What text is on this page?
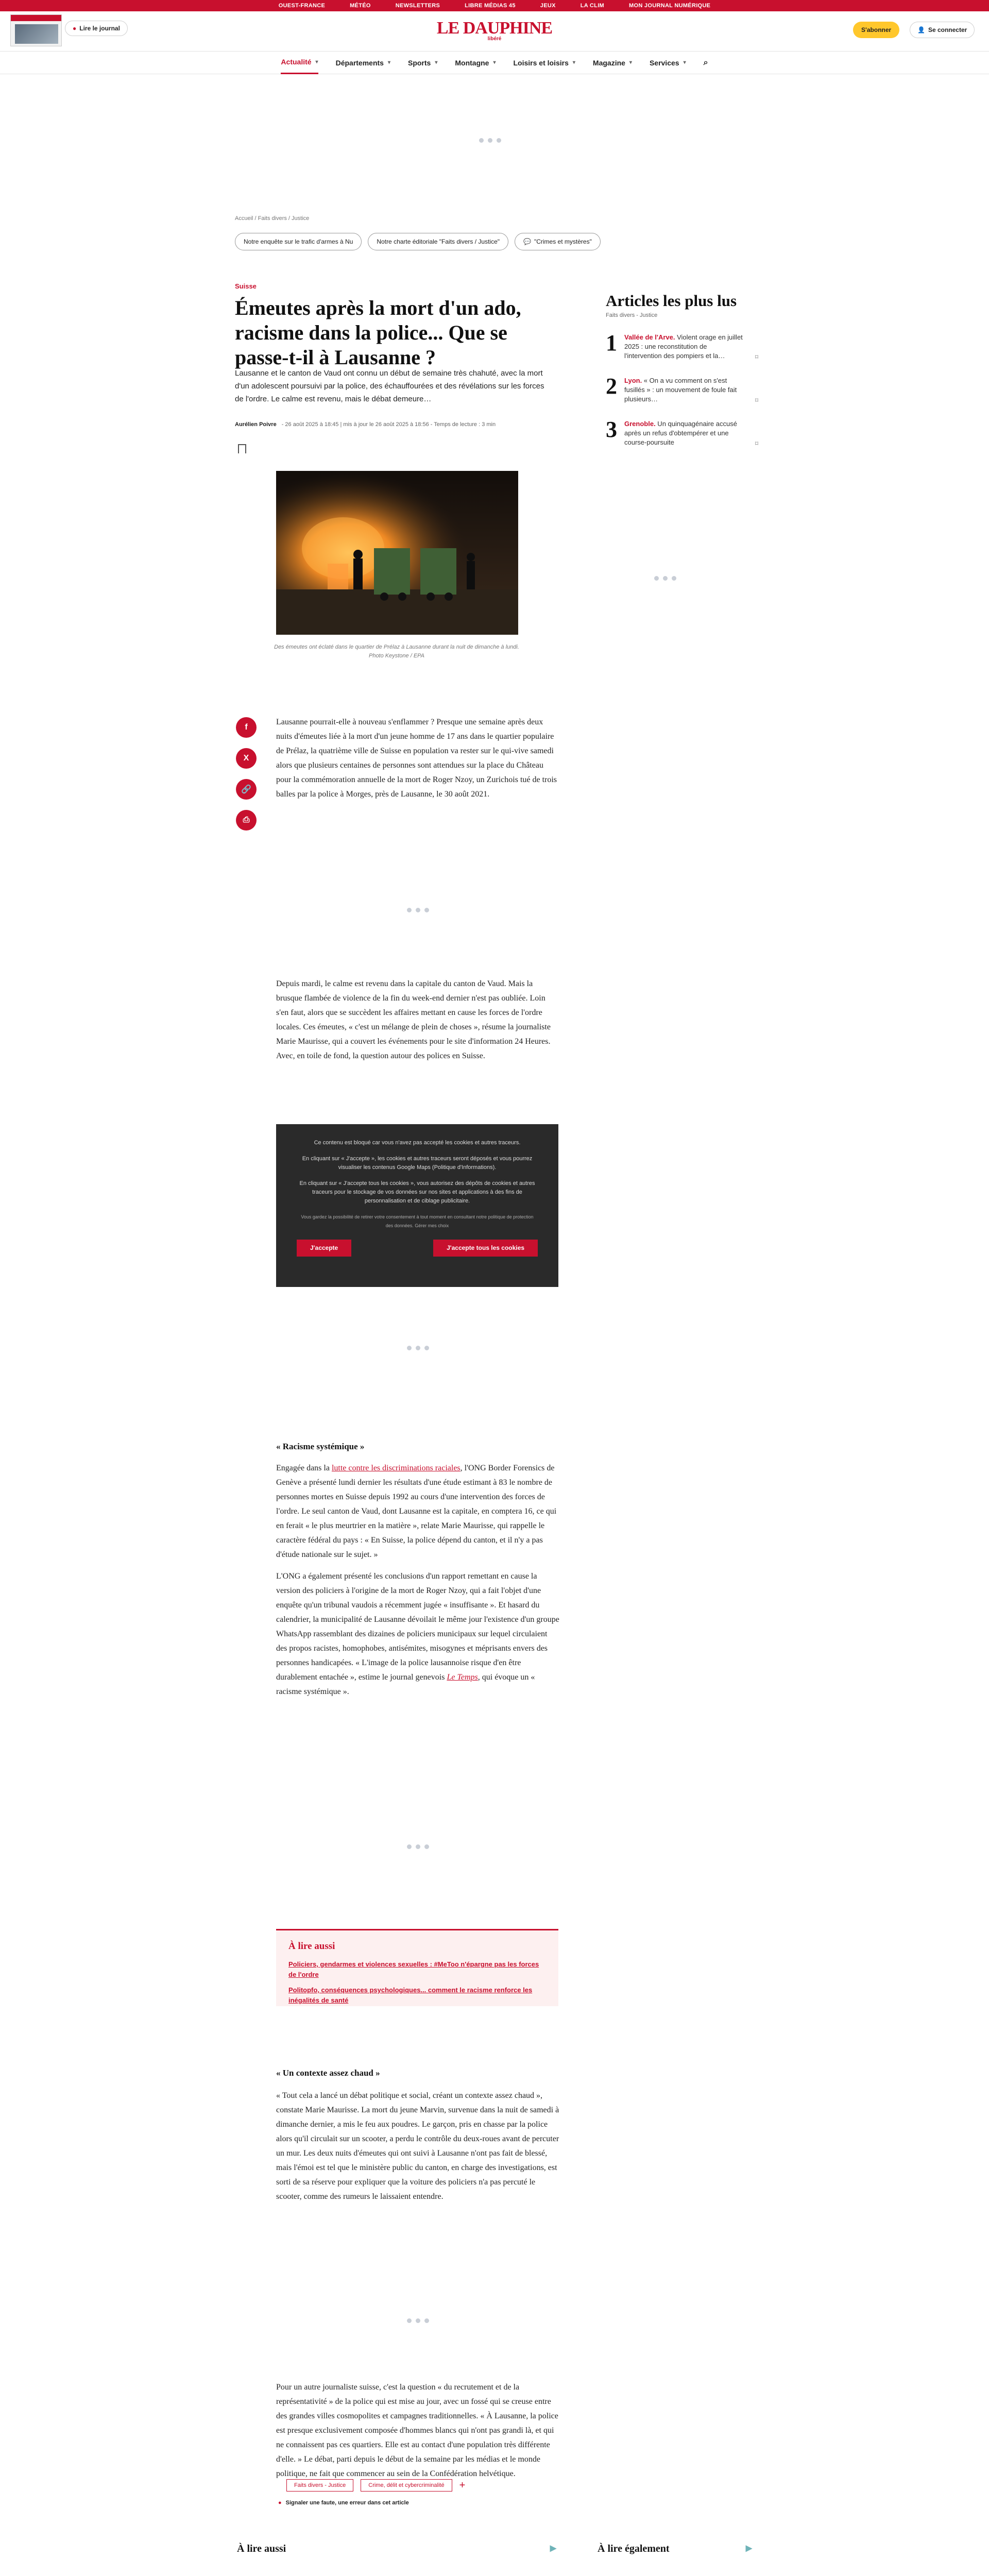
OUEST-FRANCE	MÉTÉO	NEWSLETTERS	LIBRE MÉDIAS 45	JEUX	LA CLIM	MON JOURNAL NUMÉRIQUE
● Lire le journal	LE DAUPHINE
libéré
S'abonner	👤 Se connecter
Actualité ▾ Départements ▾ Sports ▾ Montagne ▾ Loisirs et loisirs ▾ Magazine ▾ Services ▾ ⌕
Accueil / Faits divers / Justice
Notre enquête sur le trafic d'armes à Nu	Notre charte éditoriale "Faits divers / Justice"	💬 "Crimes et mystères"
Suisse
Émeutes après la mort d'un ado, racisme dans la police... Que se passe-t-il à Lausanne ?
Lausanne et le canton de Vaud ont connu un début de semaine très chahuté, avec la mort d'un adolescent poursuivi par la police, des échauffourées et des révélations sur les forces de l'ordre. Le calme est revenu, mais le débat demeure…
Aurélien Poivre - 26 août 2025 à 18:45 | mis à jour le 26 août 2025 à 18:56 - Temps de lecture : 3 min
Des émeutes ont éclaté dans le quartier de Prélaz à Lausanne durant la nuit de dimanche à lundi. Photo Keystone / EPA
f
X
🔗
⎙

Lausanne pourrait-elle à nouveau s'enflammer ? Presque une semaine après deux nuits d'émeutes liée à la mort d'un jeune homme de 17 ans dans le quartier populaire de Prélaz, la quatrième ville de Suisse en population va rester sur le qui-vive samedi alors que plusieurs centaines de personnes sont attendues sur la place du Château pour la commémoration annuelle de la mort de Roger Nzoy, un Zurichois tué de trois balles par la police à Morges, près de Lausanne, le 30 août 2021.

Depuis mardi, le calme est revenu dans la capitale du canton de Vaud. Mais la brusque flambée de violence de la fin du week-end dernier n'est pas oubliée. Loin s'en faut, alors que se succèdent les affaires mettant en cause les forces de l'ordre locales. Ces émeutes, « c'est un mélange de plein de choses », résume la journaliste Marie Maurisse, qui a couvert les événements pour le site d'information 24 Heures. Avec, en toile de fond, la question autour des polices en Suisse.

Ce contenu est bloqué car vous n'avez pas accepté les cookies et autres traceurs.

En cliquant sur « J'accepte », les cookies et autres traceurs seront déposés et vous pourrez visualiser les contenus Google Maps (Politique d'Informations).

En cliquant sur « J'accepte tous les cookies », vous autorisez des dépôts de cookies et autres traceurs pour le stockage de vos données sur nos sites et applications à des fins de personnalisation et de ciblage publicitaire.

Vous gardez la possibilité de retirer votre consentement à tout moment en consultant notre politique de protection des données. Gérer mes choix

J'accepte	J'accepte tous les cookies
« Racisme systémique »

Engagée dans la lutte contre les discriminations raciales, l'ONG Border Forensics de Genève a présenté lundi dernier les résultats d'une étude estimant à 83 le nombre de personnes mortes en Suisse depuis 1992 au cours d'une intervention des forces de l'ordre. Le seul canton de Vaud, dont Lausanne est la capitale, en comptera 16, ce qui en ferait « le plus meurtrier en la matière », relate Marie Maurisse, qui rappelle le caractère fédéral du pays : « En Suisse, la police dépend du canton, et il n'y a pas d'étude nationale sur le sujet. »

L'ONG a également présenté les conclusions d'un rapport remettant en cause la version des policiers à l'origine de la mort de Roger Nzoy, qui a fait l'objet d'une enquête qu'un tribunal vaudois a récemment jugée « insuffisante ». Et hasard du calendrier, la municipalité de Lausanne dévoilait le même jour l'existence d'un groupe WhatsApp rassemblant des dizaines de policiers municipaux sur lequel circulaient des propos racistes, homophobes, antisémites, misogynes et méprisants envers des personnes handicapées. « L'image de la police lausannoise risque d'en être durablement entachée », estime le journal genevois Le Temps, qui évoque un « racisme systémique ».

À lire aussi
Policiers, gendarmes et violences sexuelles : #MeToo n'épargne pas les forces de l'ordre
Politopfo, conséquences psychologiques... comment le racisme renforce les inégalités de santé
« Un contexte assez chaud »

« Tout cela a lancé un débat politique et social, créant un contexte assez chaud », constate Marie Maurisse. La mort du jeune Marvin, survenue dans la nuit de samedi à dimanche dernier, a mis le feu aux poudres. Le garçon, pris en chasse par la police alors qu'il circulait sur un scooter, a perdu le contrôle du deux-roues avant de percuter un mur. Les deux nuits d'émeutes qui ont suivi à Lausanne n'ont pas fait de blessé, mais l'émoi est tel que le ministère public du canton, en charge des investigations, est sorti de sa réserve pour expliquer que la voiture des policiers n'a pas percuté le scooter, comme des rumeurs le laissaient entendre.

Pour un autre journaliste suisse, c'est la question « du recrutement et de la représentativité » de la police qui est mise au jour, avec un fossé qui se creuse entre des grandes villes cosmopolites et campagnes traditionnelles. « À Lausanne, la police est presque exclusivement composée d'hommes blancs qui n'ont pas grandi là, et qui ne connaissent pas ces quartiers. Elle est au contact d'une population très différente d'elle. » Le débat, parti depuis le début de la semaine par les médias et le monde politique, ne fait que commencer au sein de la Confédération helvétique.

Faits divers - Justice	Crime, délit et cybercriminalité	+
● Signaler une faute, une erreur dans cet article
À lire aussi	▶	À lire également	▶
Articles les plus lus
Faits divers - Justice
1 Vallée de l'Arve. Violent orage en juillet 2025 : une reconstitution de l'intervention des pompiers et la…	⌑
2 Lyon. « On a vu comment on s'est fusillés » : un mouvement de foule fait plusieurs…	⌑
3 Grenoble. Un quinquagénaire accusé après un refus d'obtempérer et une course-poursuite	⌑
